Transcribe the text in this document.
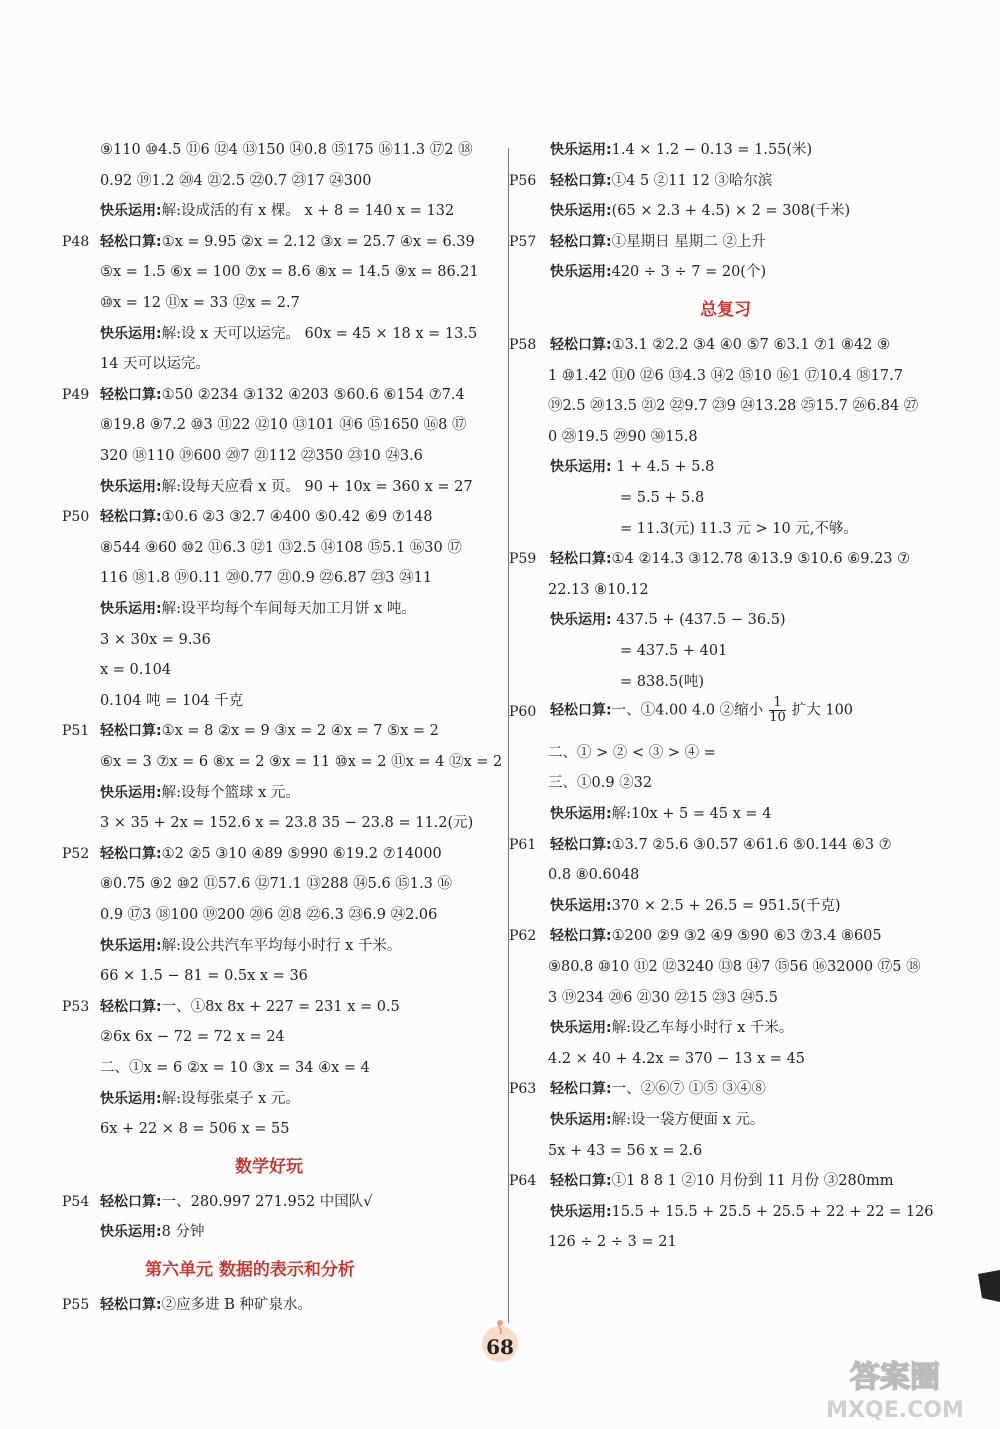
⑨110 ⑩4.5 ⑪6 ⑫4 ⑬150 ⑭0.8 ⑮175 ⑯11.3 ⑰2 ⑱
0.92 ⑲1.2 ⑳4 ㉑2.5 ㉒0.7 ㉓17 ㉔300
快乐运用:解:设成活的有 x 棵。 x + 8 = 140 x = 132
P48 轻松口算:①x = 9.95 ②x = 2.12 ③x = 25.7 ④x = 6.39
⑤x = 1.5 ⑥x = 100 ⑦x = 8.6 ⑧x = 14.5 ⑨x = 86.21
⑩x = 12 ⑪x = 33 ⑫x = 2.7
快乐运用:解:设 x 天可以运完。 60x = 45 × 18 x = 13.5
14 天可以运完。
P49 轻松口算:①50 ②234 ③132 ④203 ⑤60.6 ⑥154 ⑦7.4
⑧19.8 ⑨7.2 ⑩3 ⑪22 ⑫10 ⑬101 ⑭6 ⑮1650 ⑯8 ⑰
320 ⑱110 ⑲600 ⑳7 ㉑112 ㉒350 ㉓10 ㉔3.6
快乐运用:解:设每天应看 x 页。 90 + 10x = 360 x = 27
P50 轻松口算:①0.6 ②3 ③2.7 ④400 ⑤0.42 ⑥9 ⑦148
⑧544 ⑨60 ⑩2 ⑪6.3 ⑫1 ⑬2.5 ⑭108 ⑮5.1 ⑯30 ⑰
116 ⑱1.8 ⑲0.11 ⑳0.77 ㉑0.9 ㉒6.87 ㉓3 ㉔11
快乐运用:解:设平均每个车间每天加工月饼 x 吨。
3 × 30x = 9.36
x = 0.104
0.104 吨 = 104 千克
P51 轻松口算:①x = 8 ②x = 9 ③x = 2 ④x = 7 ⑤x = 2
⑥x = 3 ⑦x = 6 ⑧x = 2 ⑨x = 11 ⑩x = 2 ⑪x = 4 ⑫x = 2
快乐运用:解:设每个篮球 x 元。
3 × 35 + 2x = 152.6 x = 23.8 35 − 23.8 = 11.2(元)
P52 轻松口算:①2 ②5 ③10 ④89 ⑤990 ⑥19.2 ⑦14000
⑧0.75 ⑨2 ⑩2 ⑪57.6 ⑫71.1 ⑬288 ⑭5.6 ⑮1.3 ⑯
0.9 ⑰3 ⑱100 ⑲200 ⑳6 ㉑8 ㉒6.3 ㉓6.9 ㉔2.06
快乐运用:解:设公共汽车平均每小时行 x 千米。
66 × 1.5 − 81 = 0.5x x = 36
P53 轻松口算:一、①8x 8x + 227 = 231 x = 0.5
②6x 6x − 72 = 72 x = 24
二、①x = 6 ②x = 10 ③x = 34 ④x = 4
快乐运用:解:设每张桌子 x 元。
6x + 22 × 8 = 506 x = 55
数学好玩
P54 轻松口算:一、280.997 271.952 中国队√
快乐运用:8 分钟
第六单元 数据的表示和分析
P55 轻松口算:②应多进 B 种矿泉水。
快乐运用:1.4 × 1.2 − 0.13 = 1.55(米)
P56 轻松口算:①4 5 ②11 12 ③哈尔滨
快乐运用:(65 × 2.3 + 4.5) × 2 = 308(千米)
P57 轻松口算:①星期日 星期二 ②上升
快乐运用:420 ÷ 3 ÷ 7 = 20(个)
总复习
P58 轻松口算:①3.1 ②2.2 ③4 ④0 ⑤7 ⑥3.1 ⑦1 ⑧42 ⑨
1 ⑩1.42 ⑪0 ⑫6 ⑬4.3 ⑭2 ⑮10 ⑯1 ⑰10.4 ⑱17.7
⑲2.5 ⑳13.5 ㉑2 ㉒9.7 ㉓9 ㉔13.28 ㉕15.7 ㉖6.84 ㉗
0 ㉘19.5 ㉙90 ㉚15.8
快乐运用: 1 + 4.5 + 5.8
= 5.5 + 5.8
= 11.3(元) 11.3 元 > 10 元,不够。
P59 轻松口算:①4 ②14.3 ③12.78 ④13.9 ⑤10.6 ⑥9.23 ⑦
22.13 ⑧10.12
快乐运用: 437.5 + (437.5 − 36.5)
= 437.5 + 401
= 838.5(吨)
P60 轻松口算:一、①4.00 4.0 ②缩小 $\frac{1}{10}$ 扩大 100
二、① > ② < ③ > ④ =
三、①0.9 ②32
快乐运用:解:10x + 5 = 45 x = 4
P61 轻松口算:①3.7 ②5.6 ③0.57 ④61.6 ⑤0.144 ⑥3 ⑦
0.8 ⑧0.6048
快乐运用:370 × 2.5 + 26.5 = 951.5(千克)
P62 轻松口算:①200 ②9 ③2 ④9 ⑤90 ⑥3 ⑦3.4 ⑧605
⑨80.8 ⑩10 ⑪2 ⑫3240 ⑬8 ⑭7 ⑮56 ⑯32000 ⑰5 ⑱
3 ⑲234 ⑳6 ㉑30 ㉒15 ㉓3 ㉔5.5
快乐运用:解:设乙车每小时行 x 千米。
4.2 × 40 + 4.2x = 370 − 13 x = 45
P63 轻松口算:一、②⑥⑦ ①⑤ ③④⑧
快乐运用:解:设一袋方便面 x 元。
5x + 43 = 56 x = 2.6
P64 轻松口算:①1 8 8 1 ②10 月份到 11 月份 ③280mm
快乐运用:15.5 + 15.5 + 25.5 + 25.5 + 22 + 22 = 126
126 ÷ 2 ÷ 3 = 21
68
答案圈
MXQE.COM
